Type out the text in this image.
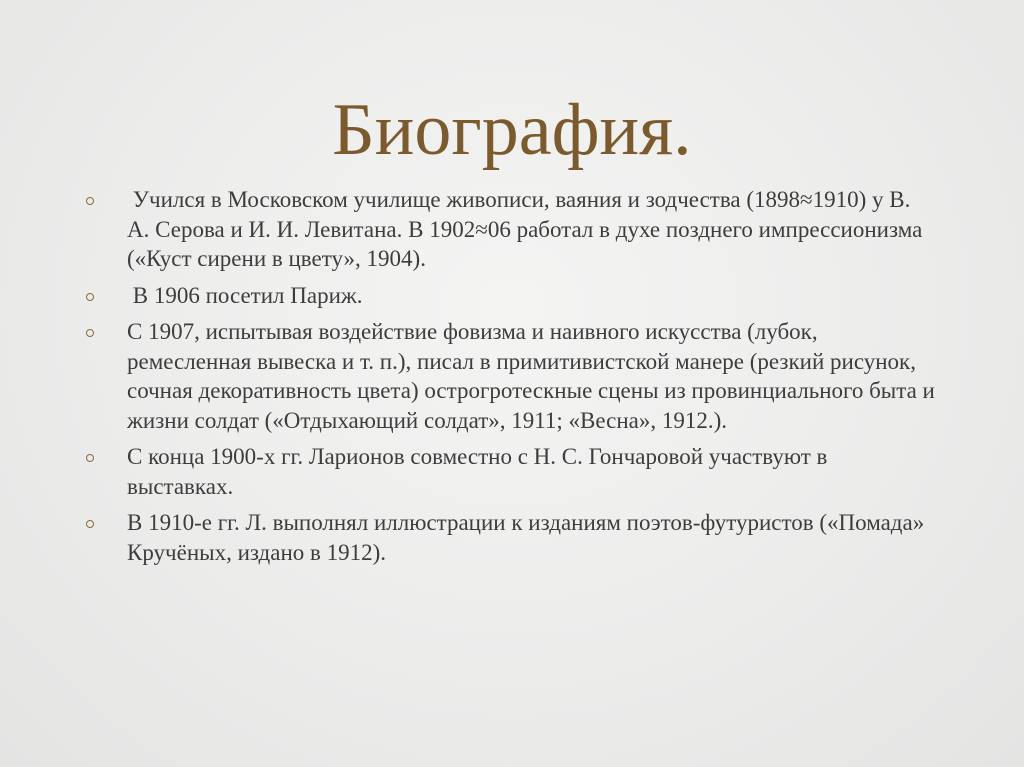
Биография.
Учился в Московском училище живописи, ваяния и зодчества (1898≈1910) у В. А. Серова и И. И. Левитана. В 1902≈06 работал в духе позднего импрессионизма («Куст сирени в цвету», 1904).
В 1906 посетил Париж.
С 1907, испытывая воздействие фовизма и наивного искусства (лубок, ремесленная вывеска и т. п.), писал в примитивистской манере (резкий рисунок, сочная декоративность цвета) острогротескные сцены из провинциального быта и жизни солдат («Отдыхающий солдат», 1911; «Весна», 1912.).
С конца 1900-х гг. Ларионов совместно с Н. С. Гончаровой участвуют в выставках.
В 1910-е гг. Л. выполнял иллюстрации к изданиям поэтов-футуристов («Помада» Кручёных, издано в 1912).
